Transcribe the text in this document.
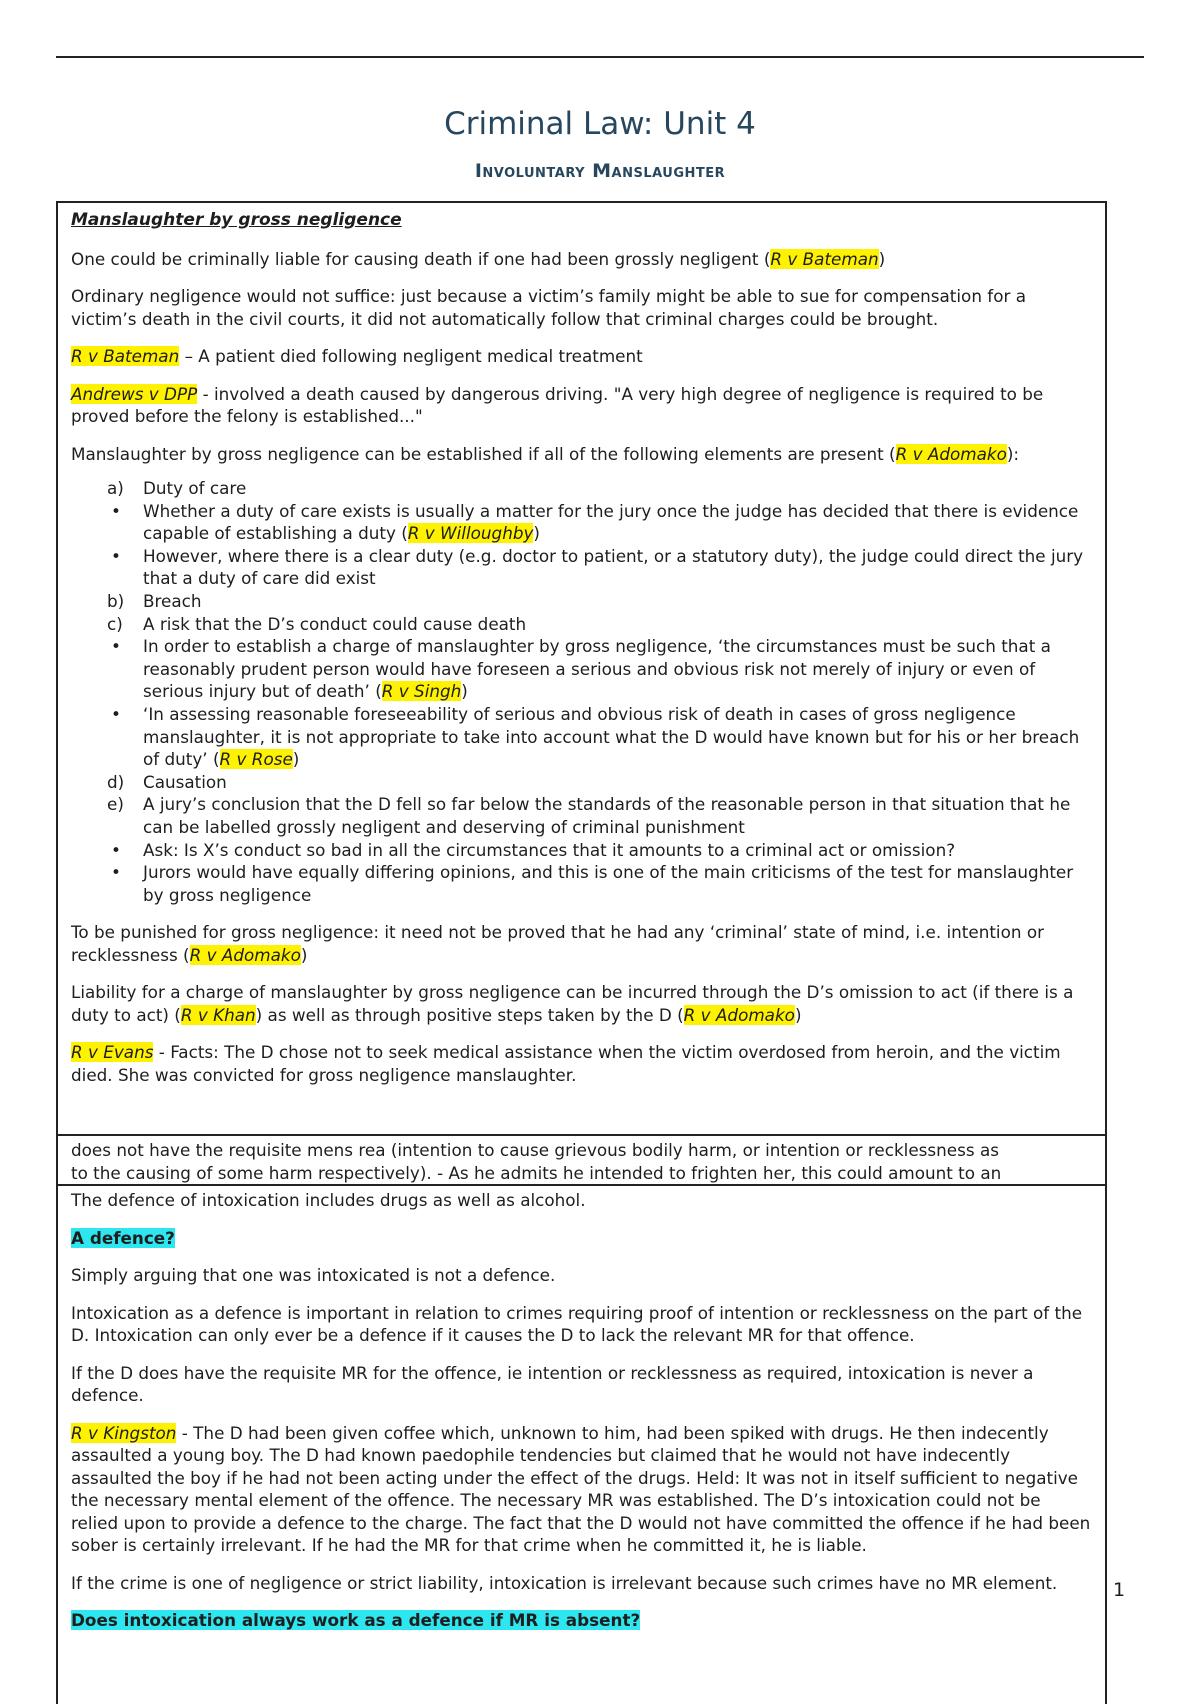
Criminal Law: Unit 4
Involuntary Manslaughter

Manslaughter by gross negligence

One could be criminally liable for causing death if one had been grossly negligent (R v Bateman)

Ordinary negligence would not suffice: just because a victim’s family might be able to sue for compensation for a victim’s death in the civil courts, it did not automatically follow that criminal charges could be brought.

R v Bateman – A patient died following negligent medical treatment

Andrews v DPP - involved a death caused by dangerous driving. "A very high degree of negligence is required to be proved before the felony is established..."

Manslaughter by gross negligence can be established if all of the following elements are present (R v Adomako):

a)	Duty of care
•	Whether a duty of care exists is usually a matter for the jury once the judge has decided that there is evidence capable of establishing a duty (R v Willoughby)
•	However, where there is a clear duty (e.g. doctor to patient, or a statutory duty), the judge could direct the jury that a duty of care did exist
b)	Breach
c)	A risk that the D’s conduct could cause death
•	In order to establish a charge of manslaughter by gross negligence, ‘the circumstances must be such that a reasonably prudent person would have foreseen a serious and obvious risk not merely of injury or even of serious injury but of death’ (R v Singh)
•	‘In assessing reasonable foreseeability of serious and obvious risk of death in cases of gross negligence manslaughter, it is not appropriate to take into account what the D would have known but for his or her breach of duty’ (R v Rose)
d)	Causation
e)	A jury’s conclusion that the D fell so far below the standards of the reasonable person in that situation that he can be labelled grossly negligent and deserving of criminal punishment
•	Ask: Is X’s conduct so bad in all the circumstances that it amounts to a criminal act or omission?
•	Jurors would have equally differing opinions, and this is one of the main criticisms of the test for manslaughter by gross negligence

To be punished for gross negligence: it need not be proved that he had any ‘criminal’ state of mind, i.e. intention or recklessness (R v Adomako)

Liability for a charge of manslaughter by gross negligence can be incurred through the D’s omission to act (if there is a duty to act) (R v Khan) as well as through positive steps taken by the D (R v Adomako)

R v Evans - Facts: The D chose not to seek medical assistance when the victim overdosed from heroin, and the victim died. She was convicted for gross negligence manslaughter.

does not have the requisite mens rea (intention to cause grievous bodily harm, or intention or recklessness as
to the causing of some harm respectively). - As he admits he intended to frighten her, this could amount to an

The defence of intoxication includes drugs as well as alcohol.

A defence?

Simply arguing that one was intoxicated is not a defence.

Intoxication as a defence is important in relation to crimes requiring proof of intention or recklessness on the part of the D. Intoxication can only ever be a defence if it causes the D to lack the relevant MR for that offence.

If the D does have the requisite MR for the offence, ie intention or recklessness as required, intoxication is never a defence.

R v Kingston - The D had been given coffee which, unknown to him, had been spiked with drugs. He then indecently assaulted a young boy. The D had known paedophile tendencies but claimed that he would not have indecently assaulted the boy if he had not been acting under the effect of the drugs. Held: It was not in itself sufficient to negative the necessary mental element of the offence. The necessary MR was established. The D’s intoxication could not be relied upon to provide a defence to the charge. The fact that the D would not have committed the offence if he had been sober is certainly irrelevant. If he had the MR for that crime when he committed it, he is liable.

If the crime is one of negligence or strict liability, intoxication is irrelevant because such crimes have no MR element.

Does intoxication always work as a defence if MR is absent?

1
